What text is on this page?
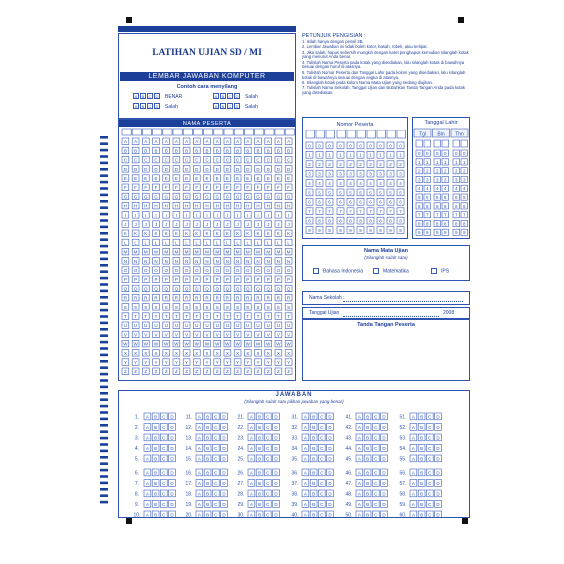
LATIHAN UJIAN SD / MI
LEMBAR JAWABAN KOMPUTER
Contoh cara menyilang
A B C D BENAR	A B C D Salah
A B C D Salah	A B C D Salah
PETUNJUK PENGISIAN :
1. Isilah hanya dengan pensil 2B.
2. Lembar Jawaban ini tidak boleh kotor, basah, robek, atau terlipat.
3. Jika salah, hapus sebersih mungkin dengan karet penghapus kemudian silanglah kotak yang menurut Anda benar.
4. Tulislah Nama Peserta pada kotak yang disediakan, lalu silanglah kotak di bawahnya sesuai dengan huruf di atasnya.
5. Tulislah Nomor Peserta dan Tanggal Lahir pada kolom yang disediakan, lalu silanglah kotak di bawahnya sesuai dengan angka di atasnya.
6. Silanglah kotak pada kolom Nama Mata Ujian yang sedang diujikan.
7. Tulislah Nama Sekolah, Tanggal Ujian dan Bubuhkan Tanda Tangan Anda pada kotak yang disediakan.
NAMA PESERTA
A A A A A A A A A A A A A A A A A
B B B B B B B B B B B B B B B B B
C C C C C C C C C C C C C C C C C
D D D D D D D D D D D D D D D D D
E E E E E E E E E E E E E E E E E
F F F F F F F F F F F F F F F F F
G G G G G G G G G G G G G G G G G
H H H H H H H H H H H H H H H H H
I I I I I I I I I I I I I I I I I
J J J J J J J J J J J J J J J J J
K K K K K K K K K K K K K K K K K
L L L L L L L L L L L L L L L L L
M M M M M M M M M M M M M M M M M
N N N N N N N N N N N N N N N N N
O O O O O O O O O O O O O O O O O
P P P P P P P P P P P P P P P P P
Q Q Q Q Q Q Q Q Q Q Q Q Q Q Q Q Q
R R R R R R R R R R R R R R R R R
S S S S S S S S S S S S S S S S S
T T T T T T T T T T T T T T T T T
U U U U U U U U U U U U U U U U U
V V V V V V V V V V V V V V V V V
W W W W W W W W W W W W W W W W W
X X X X X X X X X X X X X X X X X
Y Y Y Y Y Y Y Y Y Y Y Y Y Y Y Y Y
Z Z Z Z Z Z Z Z Z Z Z Z Z Z Z Z Z
Nomor Peserta
0 0 0 0 0 0 0 0 0 0
1 1 1 1 1 1 1 1 1 1
2 2 2 2 2 2 2 2 2 2
3 3 3 3 3 3 3 3 3 3
4 4 4 4 4 4 4 4 4 4
5 5 5 5 5 5 5 5 5 5
6 6 6 6 6 6 6 6 6 6
7 7 7 7 7 7 7 7 7 7
8 8 8 8 8 8 8 8 8 8
9 9 9 9 9 9 9 9 9 9
Tanggal Lahir
Tgl Bln Thn
0 0 0 0 0 0
1 1 1 1 1 1
2 2 2 2 2 2
3 3 3 3 3 3
4 4 4 4 4 4
5 5 5 5 5 5
6 6 6 6 6 6
7 7 7 7 7 7
8 8 8 8 8 8
9 9 9 9 9 9
Nama Mata Ujian
(Silanglah salah satu)
Bahasa Indonesia	Matematika	IPS
Nama Sekolah :
Tanggal Ujian	2008
Tanda Tangan Peserta
JAWABAN
(Silanglah salah satu pilihan jawaban yang benar)
1. A B C D
2. A B C D
3. A B C D
4. A B C D
5. A B C D
6. A B C D
7. A B C D
8. A B C D
9. A B C D
10. A B C D
11. A B C D
12. A B C D
13. A B C D
14. A B C D
15. A B C D
16. A B C D
17. A B C D
18. A B C D
19. A B C D
20. A B C D
21. A B C D
22. A B C D
23. A B C D
24. A B C D
25. A B C D
26. A B C D
27. A B C D
28. A B C D
29. A B C D
30. A B C D
31. A B C D
32. A B C D
33. A B C D
34. A B C D
35. A B C D
36. A B C D
37. A B C D
38. A B C D
39. A B C D
40. A B C D
41. A B C D
42. A B C D
43. A B C D
44. A B C D
45. A B C D
46. A B C D
47. A B C D
48. A B C D
49. A B C D
50. A B C D
51. A B C D
52. A B C D
53. A B C D
54. A B C D
55. A B C D
56. A B C D
57. A B C D
58. A B C D
59. A B C D
60. A B C D
